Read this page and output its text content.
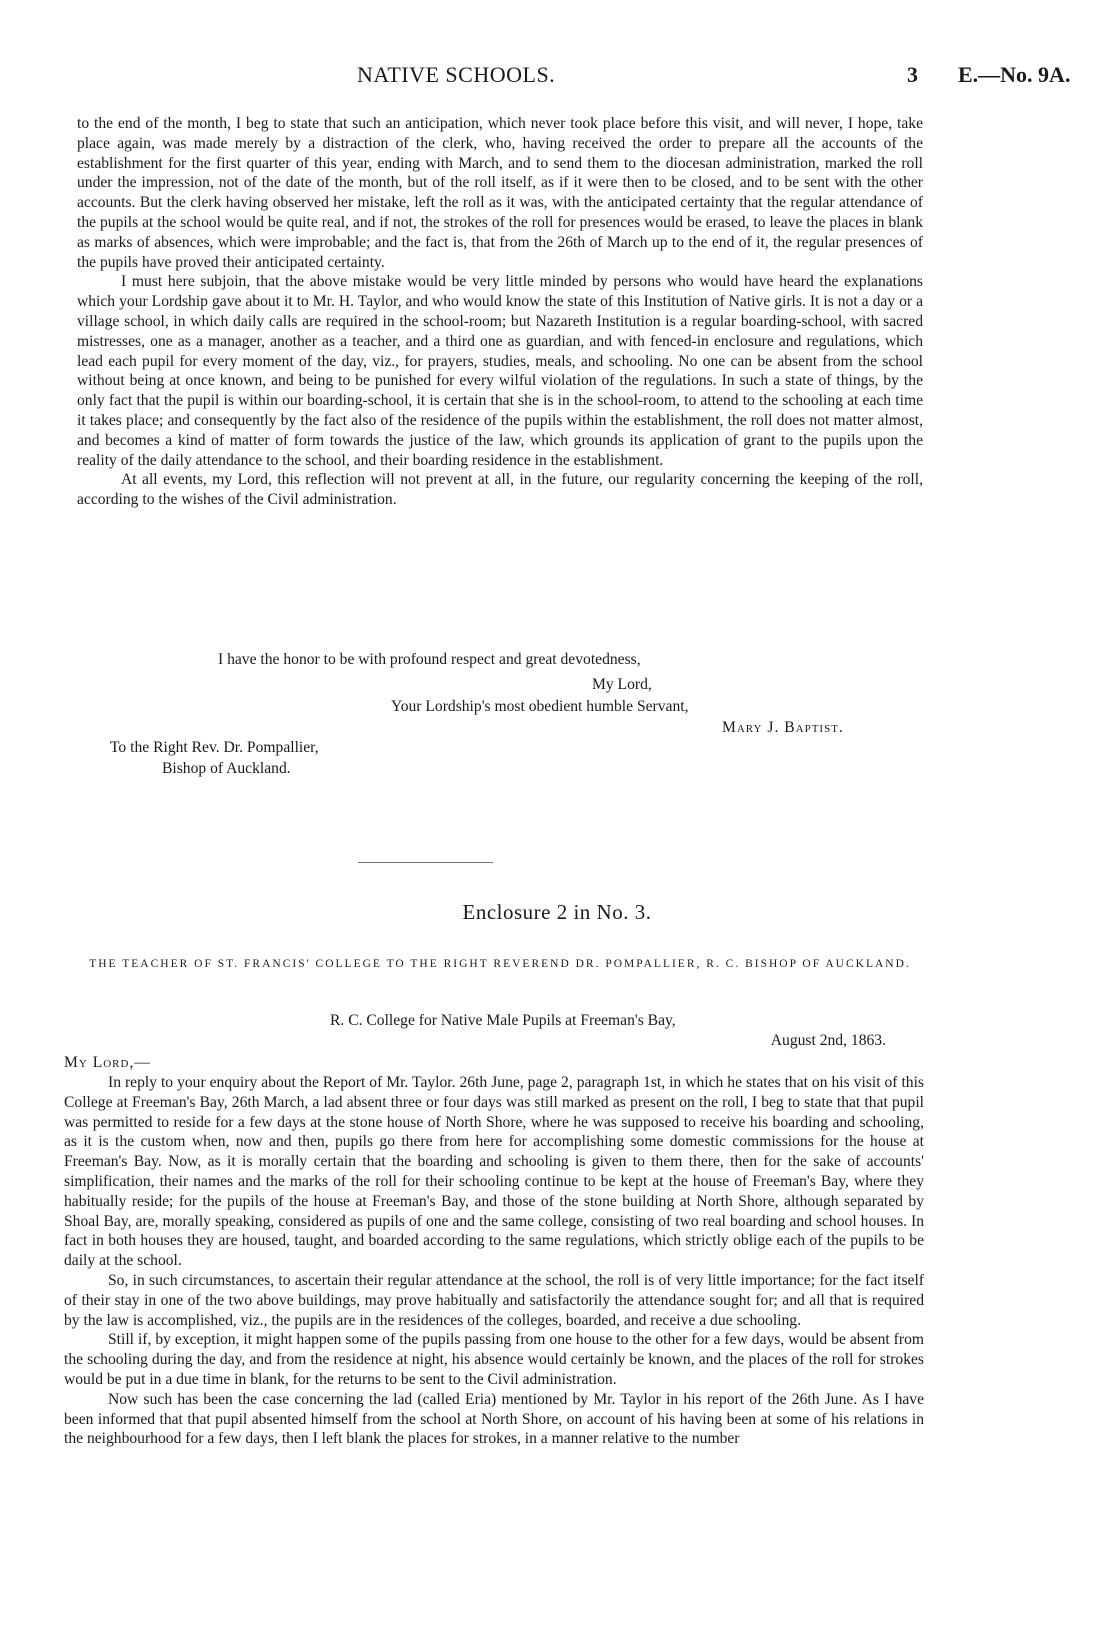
NATIVE SCHOOLS.	3 E.—No. 9A.

to the end of the month, I beg to state that such an anticipation, which never took place before this visit, and will never, I hope, take place again, was made merely by a distraction of the clerk, who, having received the order to prepare all the accounts of the establishment for the first quarter of this year, ending with March, and to send them to the diocesan administration, marked the roll under the impression, not of the date of the month, but of the roll itself, as if it were then to be closed, and to be sent with the other accounts. But the clerk having observed her mistake, left the roll as it was, with the anticipated certainty that the regular attendance of the pupils at the school would be quite real, and if not, the strokes of the roll for presences would be erased, to leave the places in blank as marks of absences, which were improbable; and the fact is, that from the 26th of March up to the end of it, the regular presences of the pupils have proved their anticipated certainty.

I must here subjoin, that the above mistake would be very little minded by persons who would have heard the explanations which your Lordship gave about it to Mr. H. Taylor, and who would know the state of this Institution of Native girls. It is not a day or a village school, in which daily calls are required in the school-room; but Nazareth Institution is a regular boarding-school, with sacred mistresses, one as a manager, another as a teacher, and a third one as guardian, and with fenced-in enclosure and regulations, which lead each pupil for every moment of the day, viz., for prayers, studies, meals, and schooling. No one can be absent from the school without being at once known, and being to be punished for every wilful violation of the regulations. In such a state of things, by the only fact that the pupil is within our boarding-school, it is certain that she is in the school-room, to attend to the schooling at each time it takes place; and consequently by the fact also of the residence of the pupils within the establishment, the roll does not matter almost, and becomes a kind of matter of form towards the justice of the law, which grounds its application of grant to the pupils upon the reality of the daily attendance to the school, and their boarding residence in the establishment.

At all events, my Lord, this reflection will not prevent at all, in the future, our regularity concerning the keeping of the roll, according to the wishes of the Civil administration.

I have the honor to be with profound respect and great devotedness,
My Lord,
Your Lordship's most obedient humble Servant,
Mary J. Baptist.
To the Right Rev. Dr. Pompallier,
Bishop of Auckland.
Enclosure 2 in No. 3.
THE TEACHER OF ST. FRANCIS' COLLEGE TO THE RIGHT REVEREND DR. POMPALLIER, R. C. BISHOP OF AUCKLAND.
R. C. College for Native Male Pupils at Freeman's Bay,
August 2nd, 1863.
My Lord,—

In reply to your enquiry about the Report of Mr. Taylor. 26th June, page 2, paragraph 1st, in which he states that on his visit of this College at Freeman's Bay, 26th March, a lad absent three or four days was still marked as present on the roll, I beg to state that that pupil was permitted to reside for a few days at the stone house of North Shore, where he was supposed to receive his boarding and schooling, as it is the custom when, now and then, pupils go there from here for accomplishing some domestic commissions for the house at Freeman's Bay. Now, as it is morally certain that the boarding and schooling is given to them there, then for the sake of accounts' simplification, their names and the marks of the roll for their schooling continue to be kept at the house of Freeman's Bay, where they habitually reside; for the pupils of the house at Freeman's Bay, and those of the stone building at North Shore, although separated by Shoal Bay, are, morally speaking, considered as pupils of one and the same college, consisting of two real boarding and school houses. In fact in both houses they are housed, taught, and boarded according to the same regulations, which strictly oblige each of the pupils to be daily at the school.

So, in such circumstances, to ascertain their regular attendance at the school, the roll is of very little importance; for the fact itself of their stay in one of the two above buildings, may prove habitually and satisfactorily the attendance sought for; and all that is required by the law is accomplished, viz., the pupils are in the residences of the colleges, boarded, and receive a due schooling.

Still if, by exception, it might happen some of the pupils passing from one house to the other for a few days, would be absent from the schooling during the day, and from the residence at night, his absence would certainly be known, and the places of the roll for strokes would be put in a due time in blank, for the returns to be sent to the Civil administration.

Now such has been the case concerning the lad (called Eria) mentioned by Mr. Taylor in his report of the 26th June. As I have been informed that that pupil absented himself from the school at North Shore, on account of his having been at some of his relations in the neighbourhood for a few days, then I left blank the places for strokes, in a manner relative to the number
